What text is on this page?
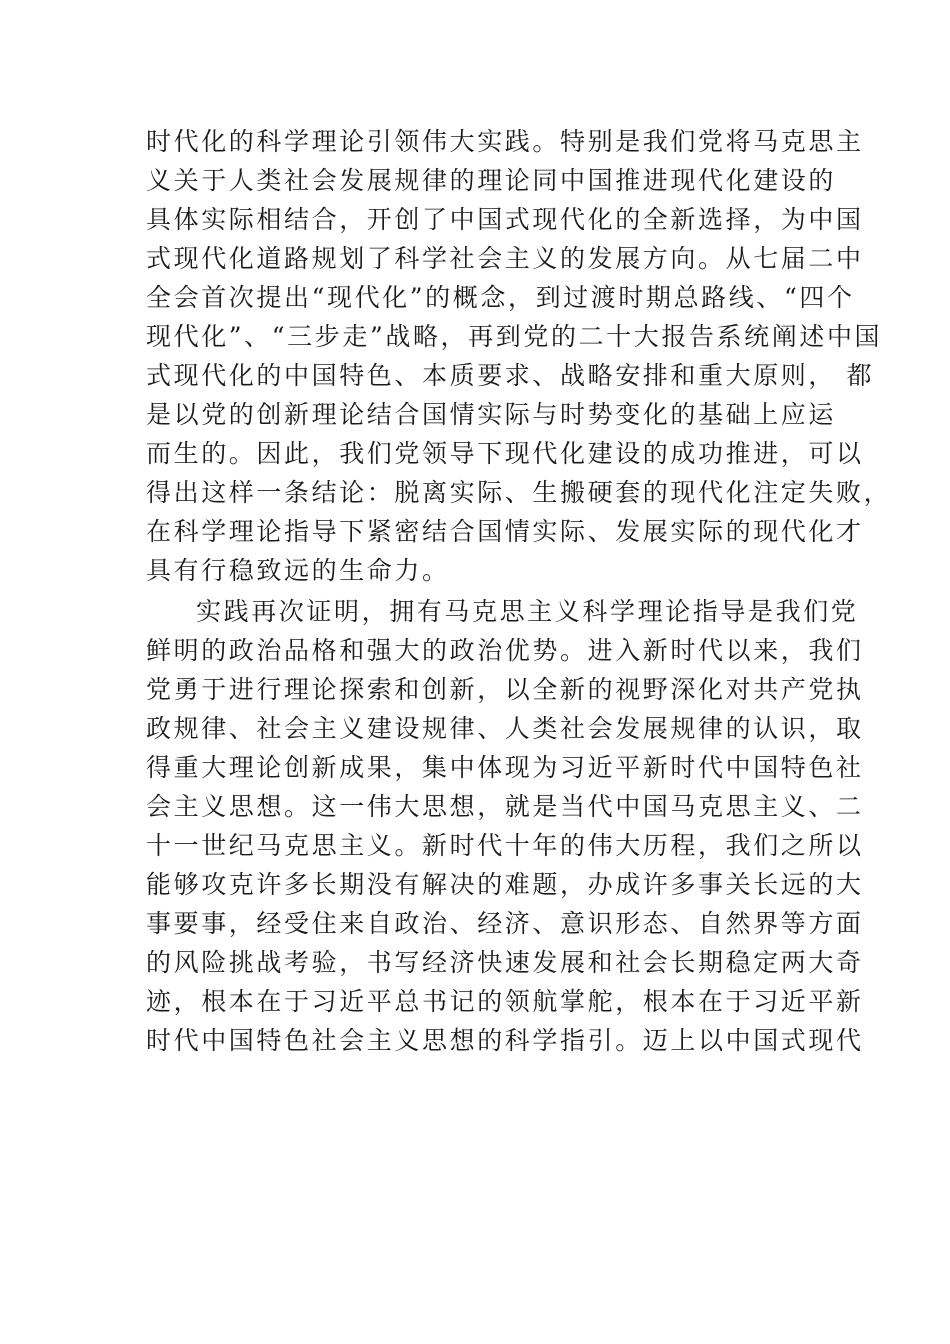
时代化的科学理论引领伟大实践。特别是我们党将马克思主
义关于人类社会发展规律的理论同中国推进现代化建设的
具体实际相结合，开创了中国式现代化的全新选择，为中国
式现代化道路规划了科学社会主义的发展方向。从七届二中
全会首次提出“现代化”的概念，到过渡时期总路线、“四个
现代化”、“三步走”战略，再到党的二十大报告系统阐述中国
式现代化的中国特色、本质要求、战略安排和重大原则， 都
是以党的创新理论结合国情实际与时势变化的基础上应运
而生的。因此，我们党领导下现代化建设的成功推进，可以
得出这样一条结论：脱离实际、生搬硬套的现代化注定失败，
在科学理论指导下紧密结合国情实际、发展实际的现代化才
具有行稳致远的生命力。
实践再次证明，拥有马克思主义科学理论指导是我们党
鲜明的政治品格和强大的政治优势。进入新时代以来，我们
党勇于进行理论探索和创新，以全新的视野深化对共产党执
政规律、社会主义建设规律、人类社会发展规律的认识，取
得重大理论创新成果，集中体现为习近平新时代中国特色社
会主义思想。这一伟大思想，就是当代中国马克思主义、二
十一世纪马克思主义。新时代十年的伟大历程，我们之所以
能够攻克许多长期没有解决的难题，办成许多事关长远的大
事要事，经受住来自政治、经济、意识形态、自然界等方面
的风险挑战考验，书写经济快速发展和社会长期稳定两大奇
迹，根本在于习近平总书记的领航掌舵，根本在于习近平新
时代中国特色社会主义思想的科学指引。迈上以中国式现代
